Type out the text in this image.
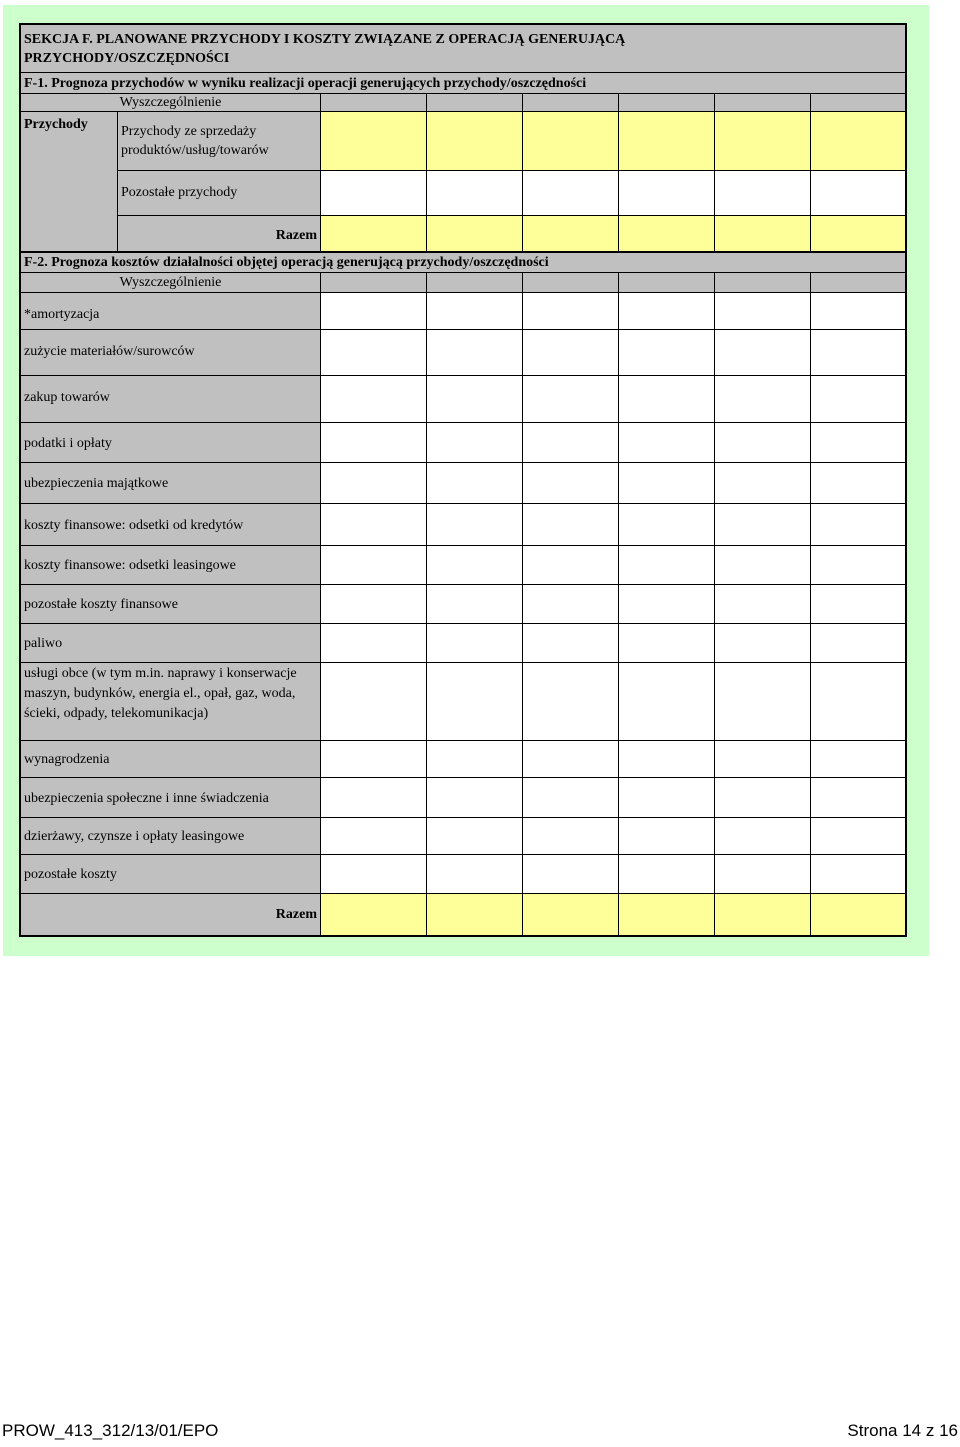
SEKCJA F. PLANOWANE PRZYCHODY I KOSZTY ZWIĄZANE Z OPERACJĄ GENERUJĄCĄ
PRZYCHODY/OSZCZĘDNOŚCI
F-1. Prognoza przychodów w wyniku realizacji operacji generujących przychody/oszczędności
Wyszczególnienie
Przychody	Przychody ze sprzedaży produktów/usług/towarów
Pozostałe przychody
Razem
F-2. Prognoza kosztów działalności objętej operacją generującą przychody/oszczędności
Wyszczególnienie
*amortyzacja
zużycie materiałów/surowców
zakup towarów
podatki i opłaty
ubezpieczenia majątkowe
koszty finansowe: odsetki od kredytów
koszty finansowe: odsetki leasingowe
pozostałe koszty finansowe
paliwo
usługi obce (w tym m.in. naprawy i konserwacje maszyn, budynków, energia el., opał, gaz, woda, ścieki, odpady, telekomunikacja)
wynagrodzenia
ubezpieczenia społeczne i inne świadczenia
dzierżawy, czynsze i opłaty leasingowe
pozostałe koszty
Razem
PROW_413_312/13/01/EPO	Strona 14 z 16
